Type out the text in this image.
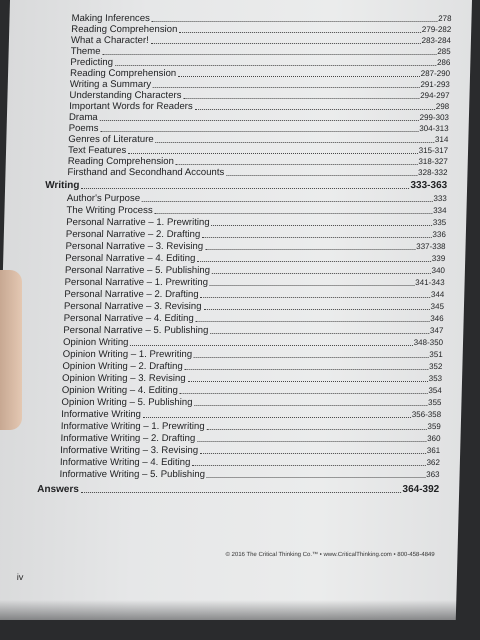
Making Inferences	278
Reading Comprehension	279-282
What a Character!	283-284
Theme	285
Predicting	286
Reading Comprehension	287-290
Writing a Summary	291-293
Understanding Characters	294-297
Important Words for Readers	298
Drama	299-303
Poems	304-313
Genres of Literature	314
Text Features	315-317
Reading Comprehension	318-327
Firsthand and Secondhand Accounts	328-332
Writing	333-363
Author's Purpose	333
The Writing Process	334
Personal Narrative – 1. Prewriting	335
Personal Narrative – 2. Drafting	336
Personal Narrative – 3. Revising	337-338
Personal Narrative – 4. Editing	339
Personal Narrative – 5. Publishing	340
Personal Narrative – 1. Prewriting	341-343
Personal Narrative – 2. Drafting	344
Personal Narrative – 3. Revising	345
Personal Narrative – 4. Editing	346
Personal Narrative – 5. Publishing	347
Opinion Writing	348-350
Opinion Writing – 1. Prewriting	351
Opinion Writing – 2. Drafting	352
Opinion Writing – 3. Revising	353
Opinion Writing – 4. Editing	354
Opinion Writing – 5. Publishing	355
Informative Writing	356-358
Informative Writing – 1. Prewriting	359
Informative Writing – 2. Drafting	360
Informative Writing – 3. Revising	361
Informative Writing – 4. Editing	362
Informative Writing – 5. Publishing	363
Answers	364-392
© 2016 The Critical Thinking Co.™ • www.CriticalThinking.com • 800-458-4849
iv
